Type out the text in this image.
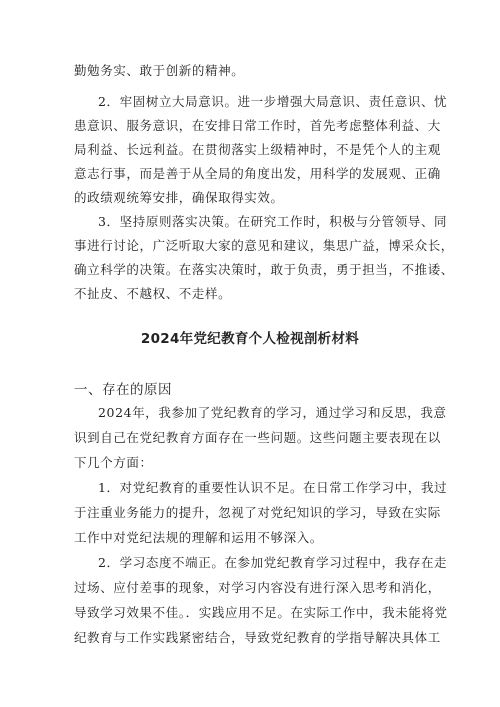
勤勉务实、敢于创新的精神。
2．牢固树立大局意识。进一步增强大局意识、责任意识、忧
患意识、服务意识，在安排日常工作时，首先考虑整体利益、大
局利益、长远利益。在贯彻落实上级精神时，不是凭个人的主观
意志行事，而是善于从全局的角度出发，用科学的发展观、正确
的政绩观统筹安排，确保取得实效。
3．坚持原则落实决策。在研究工作时，积极与分管领导、同
事进行讨论，广泛听取大家的意见和建议，集思广益，博采众长，
确立科学的决策。在落实决策时，敢于负责，勇于担当，不推诿、
不扯皮、不越权、不走样。
2024年党纪教育个人检视剖析材料
一、存在的原因
2024年，我参加了党纪教育的学习，通过学习和反思，我意
识到自己在党纪教育方面存在一些问题。这些问题主要表现在以
下几个方面：
1．对党纪教育的重要性认识不足。在日常工作学习中，我过
于注重业务能力的提升，忽视了对党纪知识的学习，导致在实际
工作中对党纪法规的理解和运用不够深入。
2．学习态度不端正。在参加党纪教育学习过程中，我存在走
过场、应付差事的现象，对学习内容没有进行深入思考和消化，
导致学习效果不佳。．实践应用不足。在实际工作中，我未能将党
纪教育与工作实践紧密结合，导致党纪教育的学指导解决具体工
